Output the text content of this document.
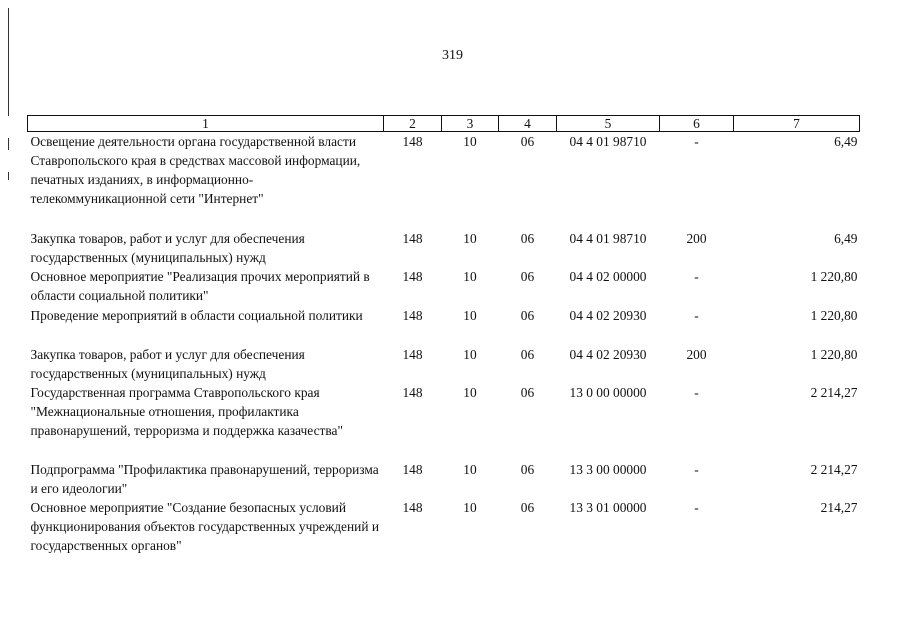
319
1	2	3	4	5	6	7
Освещение деятельности органа государственной власти Ставропольского края в средствах массовой информации, печатных изданиях, в информационно-телекоммуникационной сети "Интернет"	148	10	06	04 4 01 98710	-	6,49
Закупка товаров, работ и услуг для обеспечения государственных (муниципальных) нужд	148	10	06	04 4 01 98710	200	6,49
Основное мероприятие "Реализация прочих мероприятий в области социальной политики"	148	10	06	04 4 02 00000	-	1 220,80
Проведение мероприятий в области социальной политики	148	10	06	04 4 02 20930	-	1 220,80
Закупка товаров, работ и услуг для обеспечения государственных (муниципальных) нужд	148	10	06	04 4 02 20930	200	1 220,80
Государственная программа Ставропольского края "Межнациональные отношения, профилактика правонарушений, терроризма и поддержка казачества"	148	10	06	13 0 00 00000	-	2 214,27
Подпрограмма "Профилактика правонарушений, терроризма и его идеологии"	148	10	06	13 3 00 00000	-	2 214,27
Основное мероприятие "Создание безопасных условий функционирования объектов государственных учреждений и государственных органов"	148	10	06	13 3 01 00000	-	214,27
